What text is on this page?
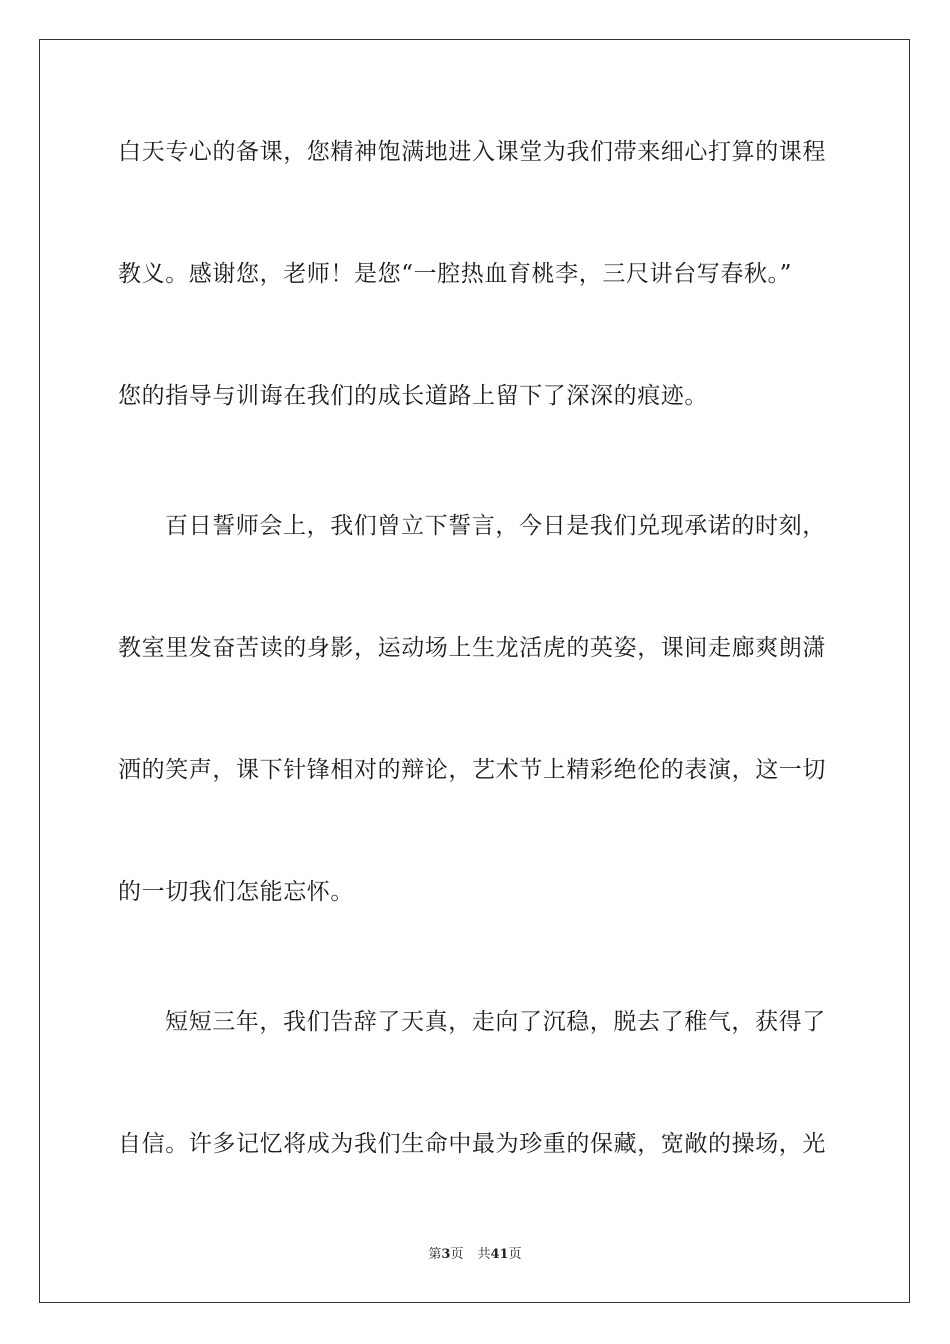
白天专心的备课，您精神饱满地进入课堂为我们带来细心打算的课程
教义。感谢您，老师！是您“一腔热血育桃李，三尺讲台写春秋。”
您的指导与训诲在我们的成长道路上留下了深深的痕迹。
百日誓师会上，我们曾立下誓言，今日是我们兑现承诺的时刻，
教室里发奋苦读的身影，运动场上生龙活虎的英姿，课间走廊爽朗潇
洒的笑声，课下针锋相对的辩论，艺术节上精彩绝伦的表演，这一切
的一切我们怎能忘怀。
短短三年，我们告辞了天真，走向了沉稳，脱去了稚气，获得了
自信。许多记忆将成为我们生命中最为珍重的保藏，宽敞的操场，光
第3页 共41页
